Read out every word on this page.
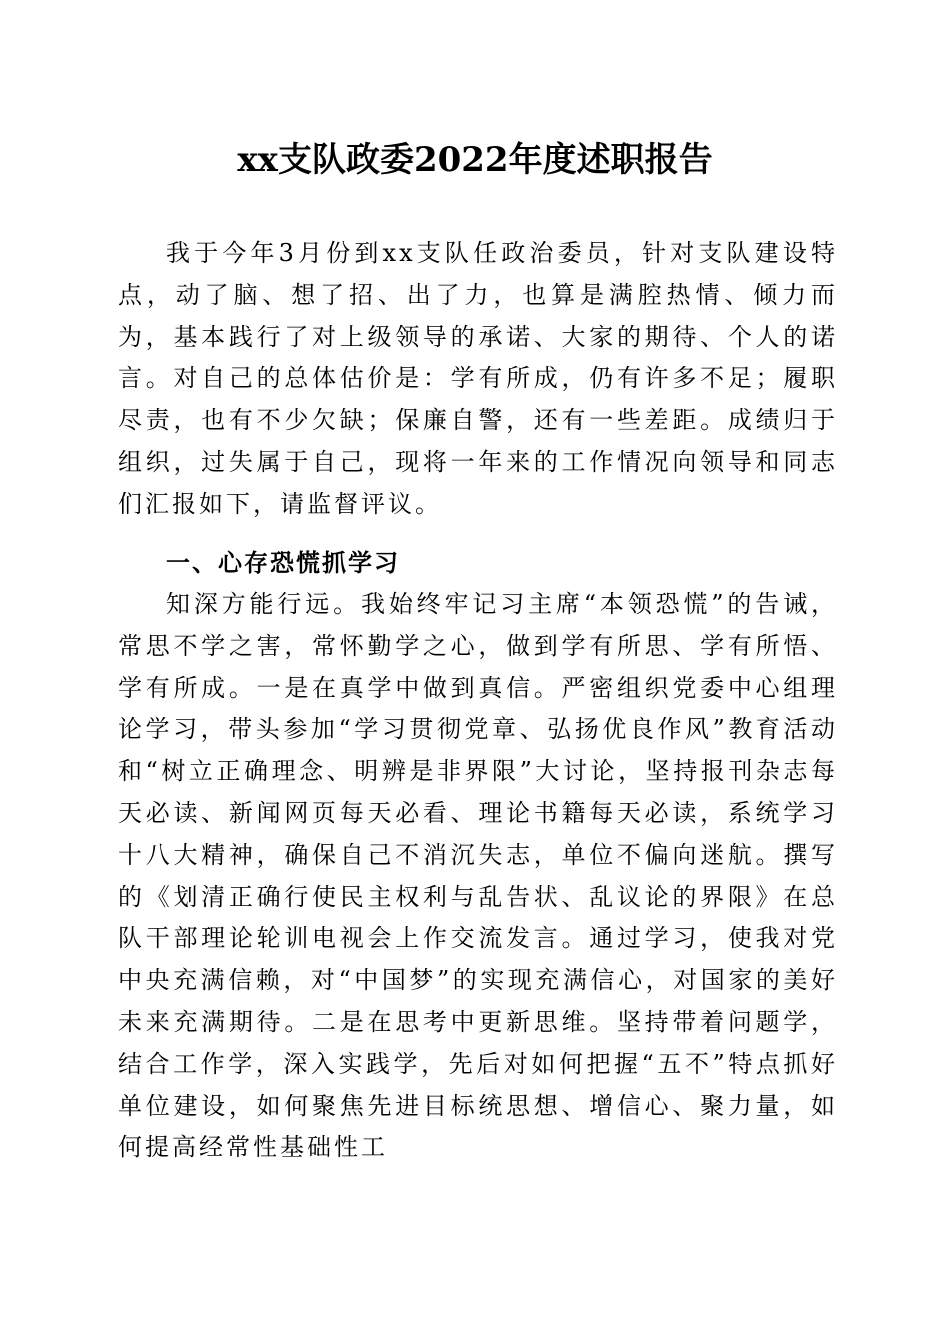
xx支队政委2022年度述职报告

我于今年3月份到xx支队任政治委员，针对支队建设特点，动了脑、想了招、出了力，也算是满腔热情、倾力而为，基本践行了对上级领导的承诺、大家的期待、个人的诺言。对自己的总体估价是：学有所成，仍有许多不足；履职尽责，也有不少欠缺；保廉自警，还有一些差距。成绩归于组织，过失属于自己，现将一年来的工作情况向领导和同志们汇报如下，请监督评议。

一、心存恐慌抓学习

知深方能行远。我始终牢记习主席“本领恐慌”的告诫，常思不学之害，常怀勤学之心，做到学有所思、学有所悟、学有所成。一是在真学中做到真信。严密组织党委中心组理论学习，带头参加“学习贯彻党章、弘扬优良作风”教育活动和“树立正确理念、明辨是非界限”大讨论，坚持报刊杂志每天必读、新闻网页每天必看、理论书籍每天必读，系统学习十八大精神，确保自己不消沉失志，单位不偏向迷航。撰写的《划清正确行使民主权利与乱告状、乱议论的界限》在总队干部理论轮训电视会上作交流发言。通过学习，使我对党中央充满信赖，对“中国梦”的实现充满信心，对国家的美好未来充满期待。二是在思考中更新思维。坚持带着问题学，结合工作学，深入实践学，先后对如何把握“五不”特点抓好单位建设，如何聚焦先进目标统思想、增信心、聚力量，如何提高经常性基础性工
